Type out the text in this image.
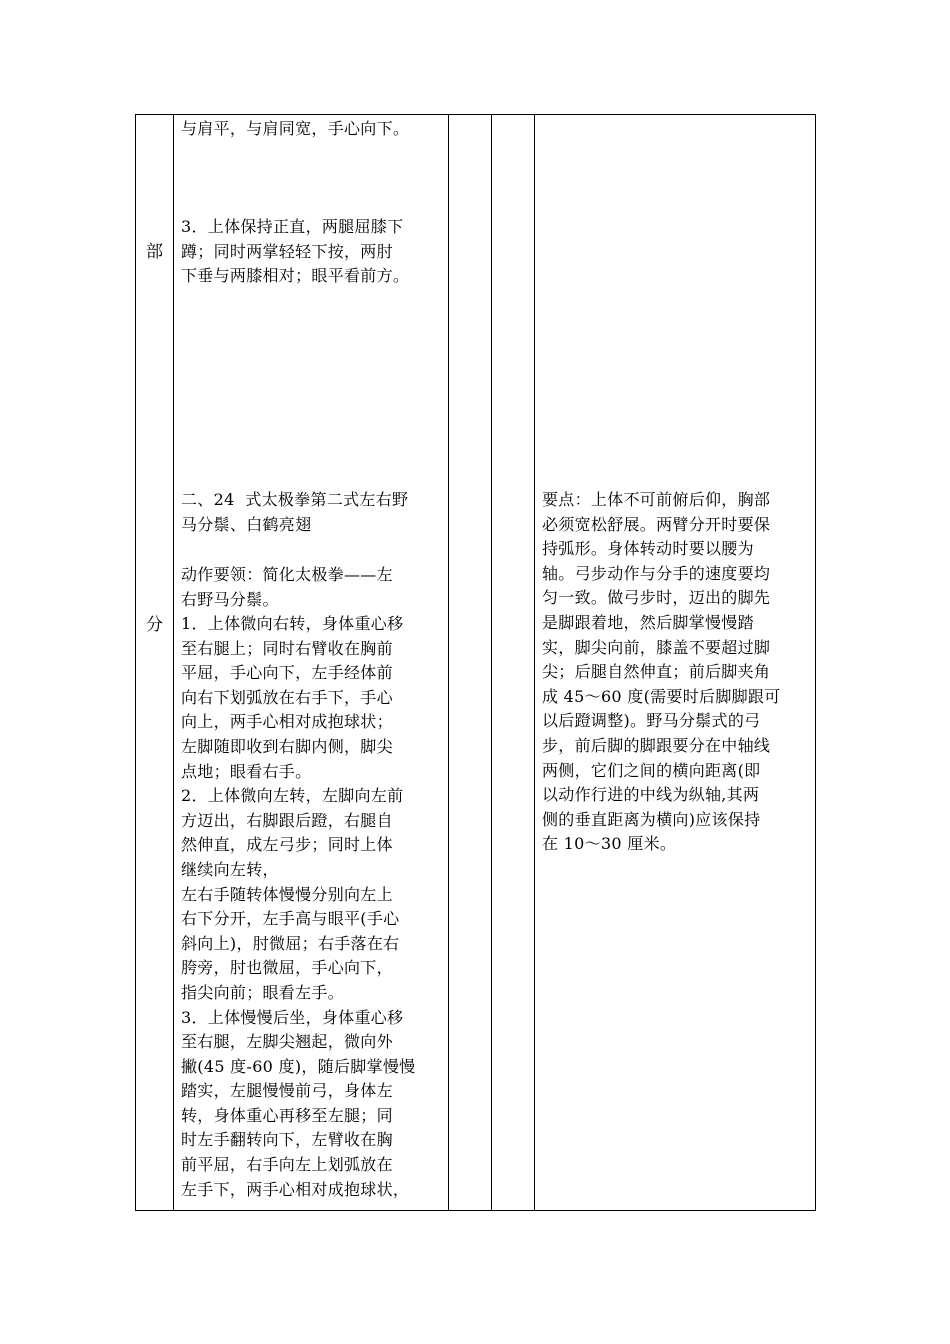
部
分
与肩平，与肩同宽，手心向下。
3．上体保持正直，两腿屈膝下
蹲；同时两掌轻轻下按，两肘
下垂与两膝相对；眼平看前方。
二、24  式太极拳第二式左右野
马分鬃、白鹤亮翅
动作要领：简化太极拳——左
右野马分鬃。
1．上体微向右转，身体重心移
至右腿上；同时右臂收在胸前
平屈，手心向下，左手经体前
向右下划弧放在右手下，手心
向上，两手心相对成抱球状；
左脚随即收到右脚内侧，脚尖
点地；眼看右手。
2．上体微向左转，左脚向左前
方迈出，右脚跟后蹬，右腿自
然伸直，成左弓步；同时上体
继续向左转，
左右手随转体慢慢分别向左上
右下分开，左手高与眼平(手心
斜向上)，肘微屈；右手落在右
胯旁，肘也微屈，手心向下，
指尖向前；眼看左手。
3．上体慢慢后坐，身体重心移
至右腿，左脚尖翘起，微向外
撇(45 度-60 度)，随后脚掌慢慢
踏实，左腿慢慢前弓，身体左
转，身体重心再移至左腿；同
时左手翻转向下，左臂收在胸
前平屈，右手向左上划弧放在
左手下，两手心相对成抱球状，
要点：上体不可前俯后仰，胸部
必须宽松舒展。两臂分开时要保
持弧形。身体转动时要以腰为
轴。弓步动作与分手的速度要均
匀一致。做弓步时，迈出的脚先
是脚跟着地，然后脚掌慢慢踏
实，脚尖向前，膝盖不要超过脚
尖；后腿自然伸直；前后脚夹角
成 45～60 度(需要时后脚脚跟可
以后蹬调整)。野马分鬃式的弓
步，前后脚的脚跟要分在中轴线
两侧，它们之间的横向距离(即
以动作行进的中线为纵轴,其两
侧的垂直距离为横向)应该保持
在 10～30 厘米。
